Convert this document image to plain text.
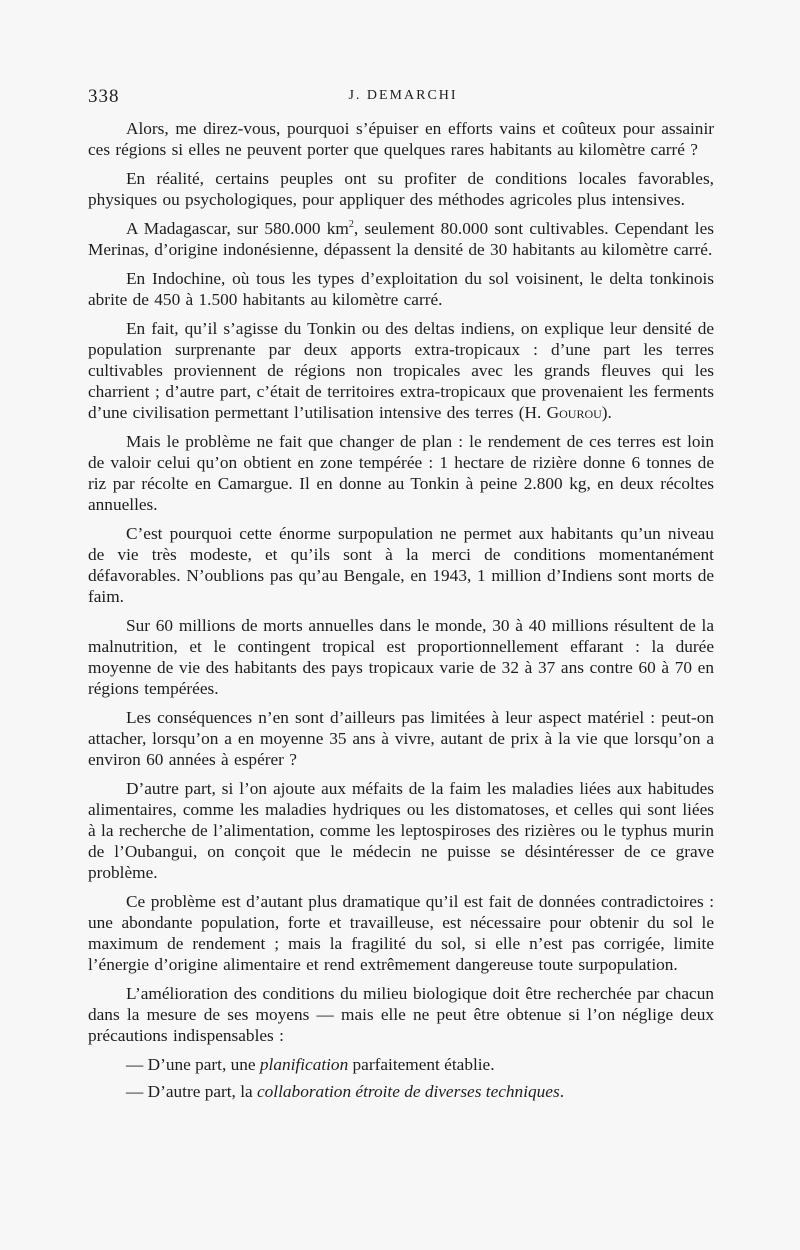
338	J. DEMARCHI

Alors, me direz-vous, pourquoi s’épuiser en efforts vains et coûteux pour assainir ces régions si elles ne peuvent porter que quelques rares habitants au kilomètre carré ?

En réalité, certains peuples ont su profiter de conditions locales favorables, physiques ou psychologiques, pour appliquer des méthodes agricoles plus intensives.

A Madagascar, sur 580.000 $km^2$, seulement 80.000 sont cultivables. Cependant les Merinas, d’origine indonésienne, dépassent la densité de 30 habitants au kilomètre carré.

En Indochine, où tous les types d’exploitation du sol voisinent, le delta tonkinois abrite de 450 à 1.500 habitants au kilomètre carré.

En fait, qu’il s’agisse du Tonkin ou des deltas indiens, on explique leur densité de population surprenante par deux apports extra-tropicaux : d’une part les terres cultivables proviennent de régions non tropicales avec les grands fleuves qui les charrient ; d’autre part, c’était de territoires extra-tropicaux que provenaient les ferments d’une civilisation permettant l’utilisation intensive des terres (H. Gourou).

Mais le problème ne fait que changer de plan : le rendement de ces terres est loin de valoir celui qu’on obtient en zone tempérée : 1 hectare de rizière donne 6 tonnes de riz par récolte en Camargue. Il en donne au Tonkin à peine 2.800 kg, en deux récoltes annuelles.

C’est pourquoi cette énorme surpopulation ne permet aux habitants qu’un niveau de vie très modeste, et qu’ils sont à la merci de conditions momentanément défavorables. N’oublions pas qu’au Bengale, en 1943, 1 million d’Indiens sont morts de faim.

Sur 60 millions de morts annuelles dans le monde, 30 à 40 millions résultent de la malnutrition, et le contingent tropical est proportionnellement effarant : la durée moyenne de vie des habitants des pays tropicaux varie de 32 à 37 ans contre 60 à 70 en régions tempérées.

Les conséquences n’en sont d’ailleurs pas limitées à leur aspect matériel : peut-on attacher, lorsqu’on a en moyenne 35 ans à vivre, autant de prix à la vie que lorsqu’on a environ 60 années à espérer ?

D’autre part, si l’on ajoute aux méfaits de la faim les maladies liées aux habitudes alimentaires, comme les maladies hydriques ou les distomatoses, et celles qui sont liées à la recherche de l’alimentation, comme les leptospiroses des rizières ou le typhus murin de l’Oubangui, on conçoit que le médecin ne puisse se désintéresser de ce grave problème.

Ce problème est d’autant plus dramatique qu’il est fait de données contradictoires : une abondante population, forte et travailleuse, est nécessaire pour obtenir du sol le maximum de rendement ; mais la fragilité du sol, si elle n’est pas corrigée, limite l’énergie d’origine alimentaire et rend extrêmement dangereuse toute surpopulation.

L’amélioration des conditions du milieu biologique doit être recherchée par chacun dans la mesure de ses moyens — mais elle ne peut être obtenue si l’on néglige deux précautions indispensables :

— D’une part, une planification parfaitement établie.

— D’autre part, la collaboration étroite de diverses techniques.
